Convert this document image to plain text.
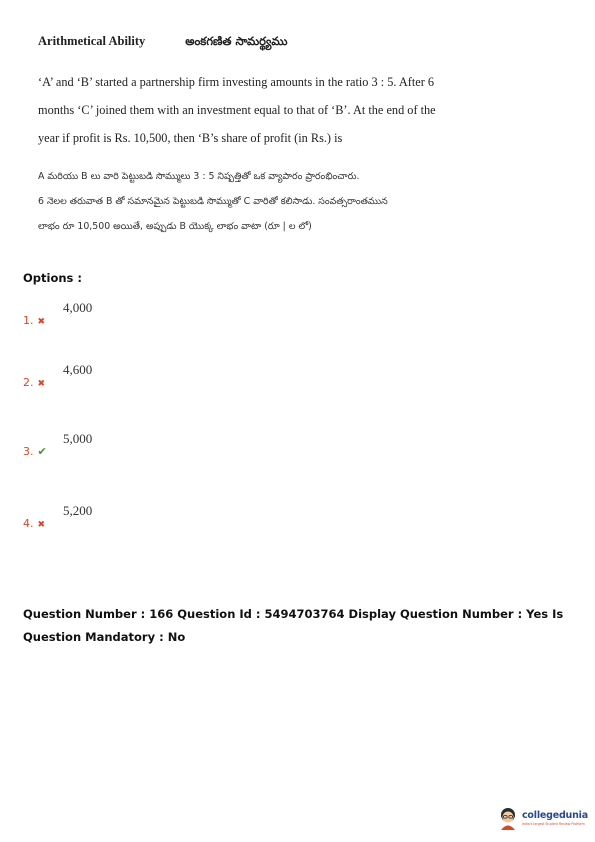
Arithmetical Ability	అంకగణిత సామర్థ్యము
‘A’ and ‘B’ started a partnership firm investing amounts in the ratio 3 : 5. After 6 months ‘C’ joined them with an investment equal to that of ‘B’. At the end of the year if profit is Rs. 10,500, then ‘B’s share of profit (in Rs.) is
A మరియు B లు వారి పెట్టుబడి సొమ్ములు 3 : 5 నిష్పత్తితో ఒక వ్యాపారం ప్రారంభించారు.
6 నెలల తరువాత B తో సమానమైన పెట్టుబడి సొమ్ముతో C వారితో కలిసాడు. సంవత్సరాంతమున
లాభం రూ 10,500 అయితే, అప్పుడు B యొక్క లాభం వాటా (రూ | ల లో)
Options :
4,000
1. ✖
4,600
2. ✖
5,000
3. ✔
5,200
4. ✖
Question Number : 166 Question Id : 5494703764 Display Question Number : Yes Is Question Mandatory : No
collegedunia
India's largest Student Review Platform
